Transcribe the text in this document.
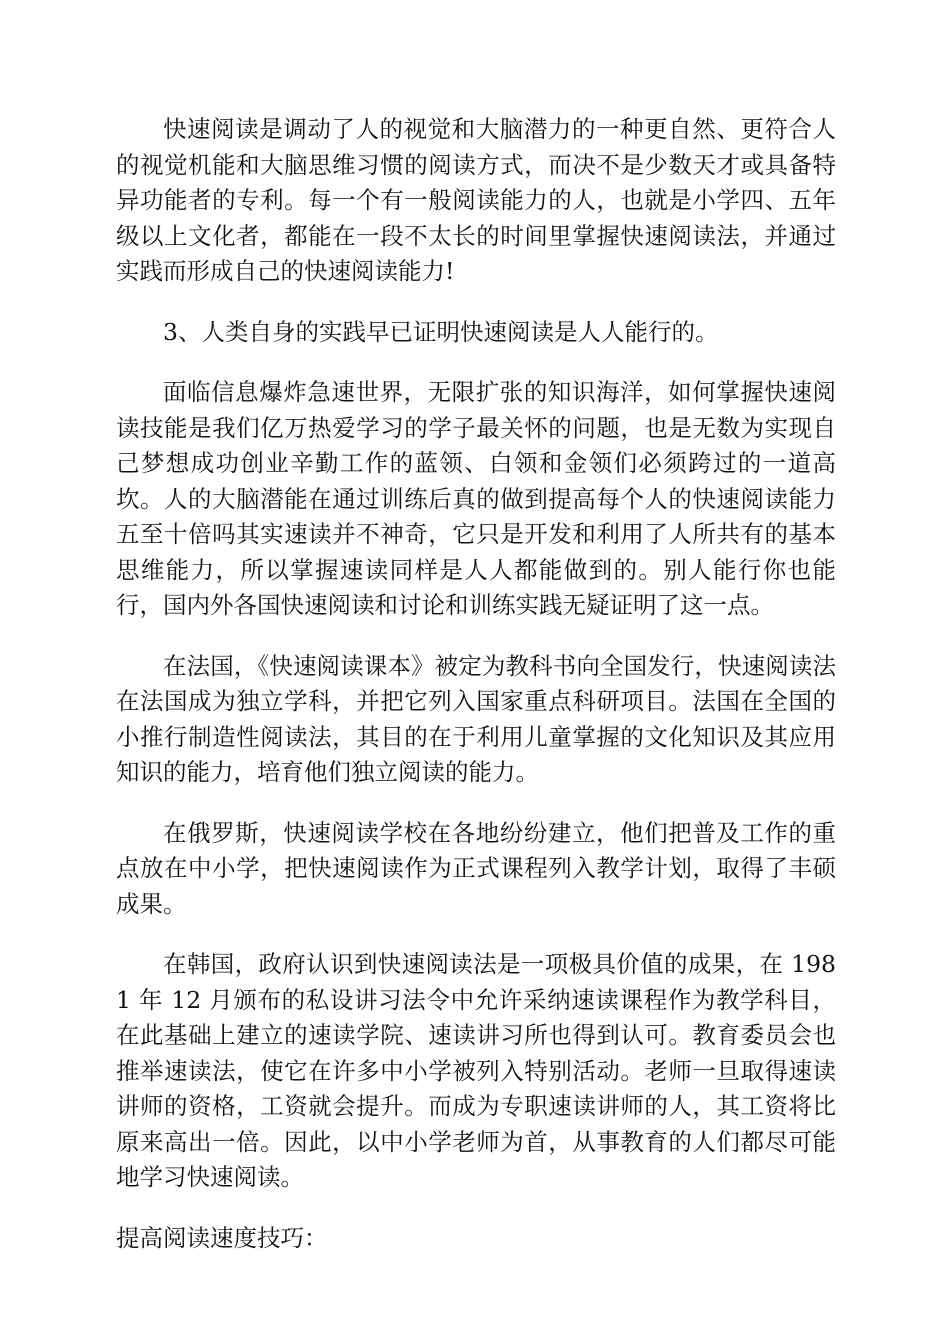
快速阅读是调动了人的视觉和大脑潜力的一种更自然、更符合人的视觉机能和大脑思维习惯的阅读方式，而决不是少数天才或具备特异功能者的专利。每一个有一般阅读能力的人，也就是小学四、五年级以上文化者，都能在一段不太长的时间里掌握快速阅读法，并通过实践而形成自己的快速阅读能力!

3、人类自身的实践早已证明快速阅读是人人能行的。

面临信息爆炸急速世界，无限扩张的知识海洋，如何掌握快速阅读技能是我们亿万热爱学习的学子最关怀的问题，也是无数为实现自己梦想成功创业辛勤工作的蓝领、白领和金领们必须跨过的一道高坎。人的大脑潜能在通过训练后真的做到提高每个人的快速阅读能力五至十倍吗其实速读并不神奇，它只是开发和利用了人所共有的基本思维能力，所以掌握速读同样是人人都能做到的。别人能行你也能行，国内外各国快速阅读和讨论和训练实践无疑证明了这一点。

在法国，《快速阅读课本》被定为教科书向全国发行，快速阅读法在法国成为独立学科，并把它列入国家重点科研项目。法国在全国的小推行制造性阅读法，其目的在于利用儿童掌握的文化知识及其应用知识的能力，培育他们独立阅读的能力。

在俄罗斯，快速阅读学校在各地纷纷建立，他们把普及工作的重点放在中小学，把快速阅读作为正式课程列入教学计划，取得了丰硕成果。

在韩国，政府认识到快速阅读法是一项极具价值的成果，在 1981 年 12 月颁布的私设讲习法令中允许采纳速读课程作为教学科目，在此基础上建立的速读学院、速读讲习所也得到认可。教育委员会也推举速读法，使它在许多中小学被列入特别活动。老师一旦取得速读讲师的资格，工资就会提升。而成为专职速读讲师的人，其工资将比原来高出一倍。因此，以中小学老师为首，从事教育的人们都尽可能地学习快速阅读。

提高阅读速度技巧：
